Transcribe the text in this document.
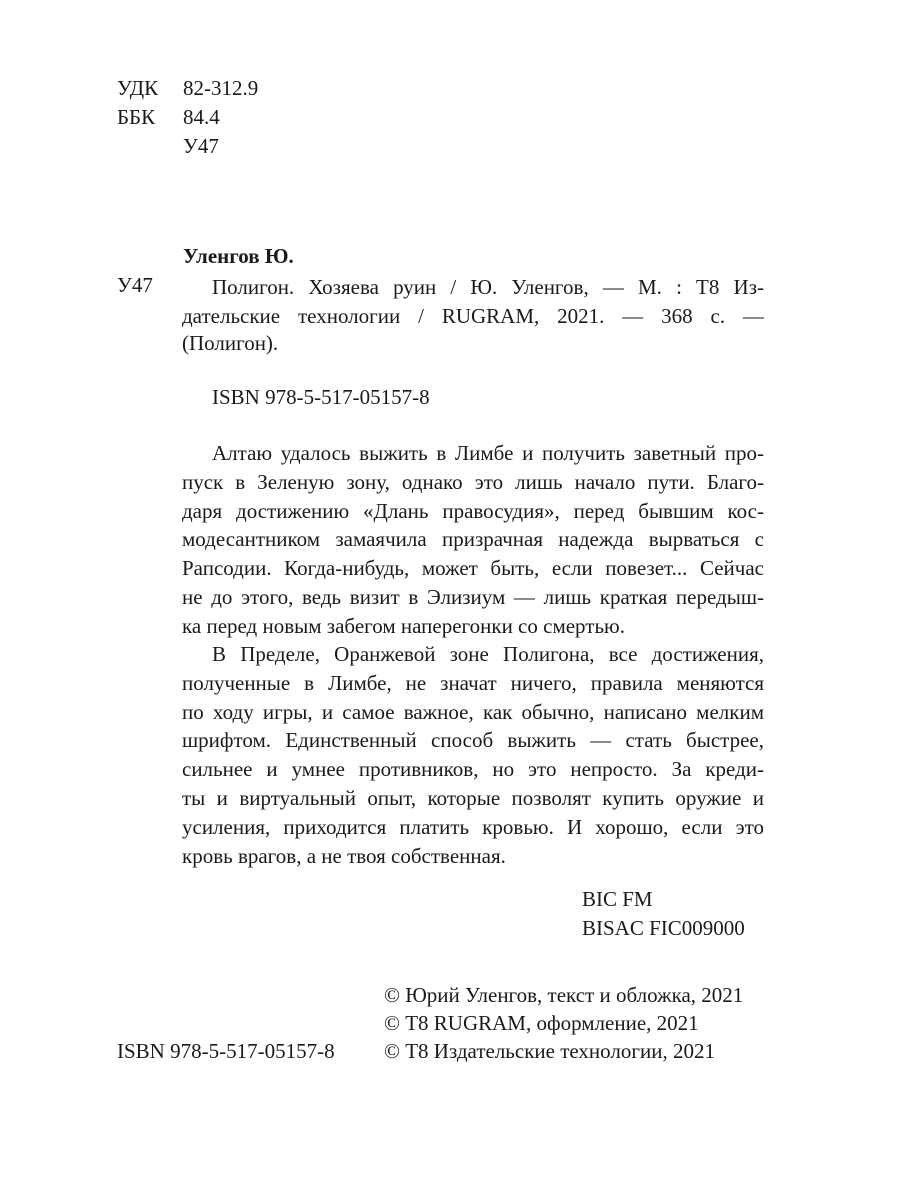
УДК 82-312.9
ББК 84.4
У47
Уленгов Ю.
У47	Полигон. Хозяева руин / Ю. Уленгов, — М. : Т8 Из-
дательские технологии / RUGRAM, 2021. — 368 с. —
(Полигон).
ISBN 978-5-517-05157-8
Алтаю удалось выжить в Лимбе и получить заветный про-
пуск в Зеленую зону, однако это лишь начало пути. Благо-
даря достижению «Длань правосудия», перед бывшим кос-
модесантником замаячила призрачная надежда вырваться с
Рапсодии. Когда-нибудь, может быть, если повезет... Сейчас
не до этого, ведь визит в Элизиум — лишь краткая передыш-
ка перед новым забегом наперегонки со смертью.
В Пределе, Оранжевой зоне Полигона, все достижения,
полученные в Лимбе, не значат ничего, правила меняются
по ходу игры, и самое важное, как обычно, написано мелким
шрифтом. Единственный способ выжить — стать быстрее,
сильнее и умнее противников, но это непросто. За креди-
ты и виртуальный опыт, которые позволят купить оружие и
усиления, приходится платить кровью. И хорошо, если это
кровь врагов, а не твоя собственная.
BIC FM
BISAC FIC009000
ISBN 978-5-517-05157-8
© Юрий Уленгов, текст и обложка, 2021
© Т8 RUGRAM, оформление, 2021
© Т8 Издательские технологии, 2021
